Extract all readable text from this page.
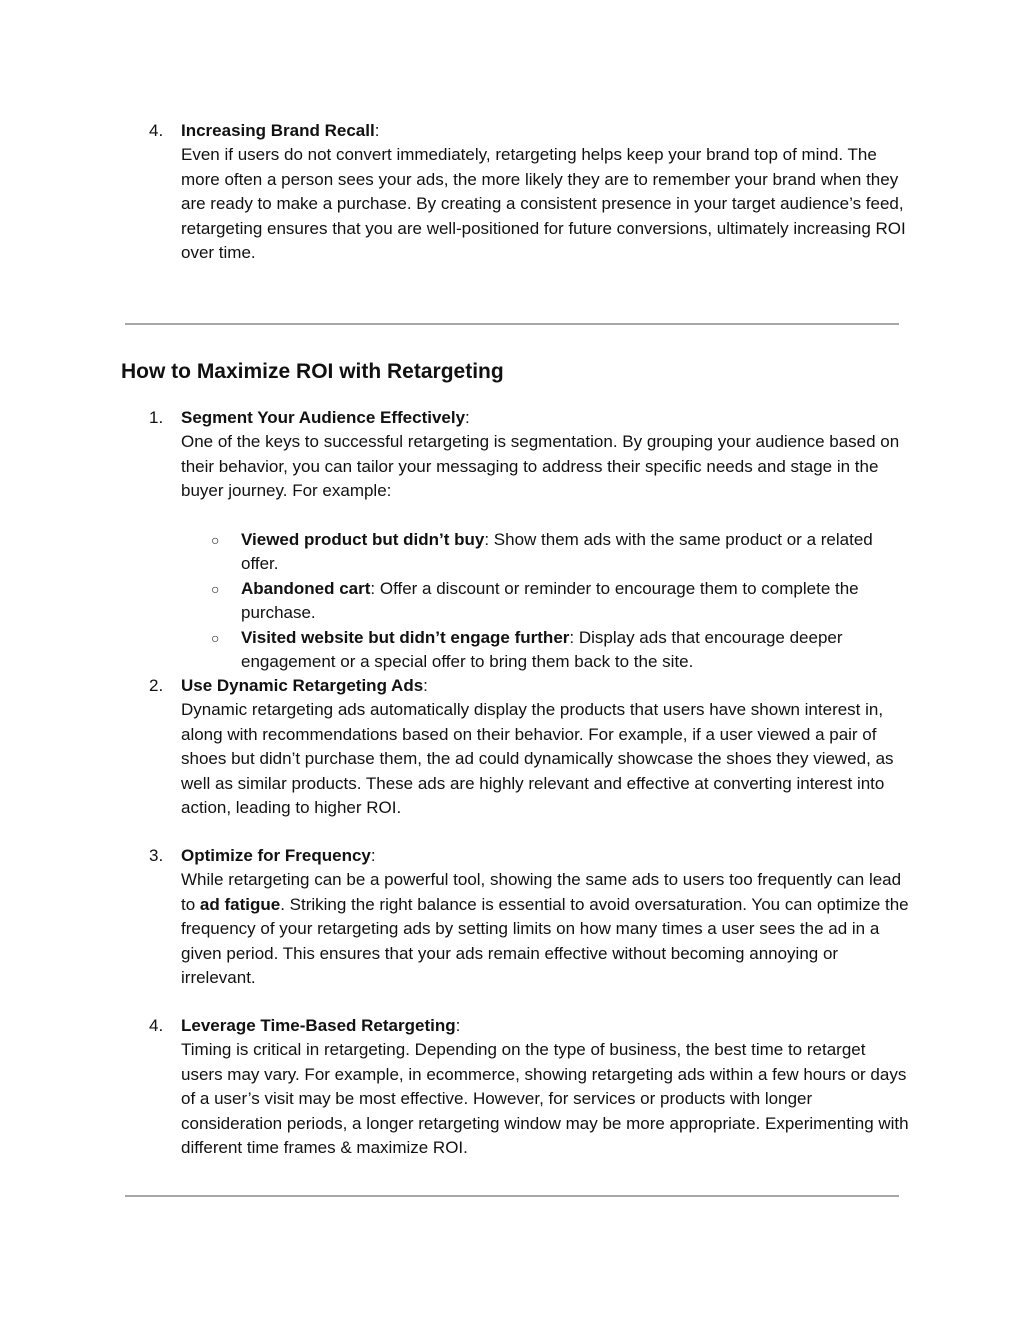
4.	Increasing Brand Recall:

Even if users do not convert immediately, retargeting helps keep your brand top of mind. The more often a person sees your ads, the more likely they are to remember your brand when they are ready to make a purchase. By creating a consistent presence in your target audience’s feed, retargeting ensures that you are well-positioned for future conversions, ultimately increasing ROI over time.

How to Maximize ROI with Retargeting
1.	Segment Your Audience Effectively:

One of the keys to successful retargeting is segmentation. By grouping your audience based on their behavior, you can tailor your messaging to address their specific needs and stage in the buyer journey. For example:

○ Viewed product but didn’t buy: Show them ads with the same product or a related offer.
○ Abandoned cart: Offer a discount or reminder to encourage them to complete the purchase.
○ Visited website but didn’t engage further: Display ads that encourage deeper engagement or a special offer to bring them back to the site.
2.	Use Dynamic Retargeting Ads:

Dynamic retargeting ads automatically display the products that users have shown interest in, along with recommendations based on their behavior. For example, if a user viewed a pair of shoes but didn’t purchase them, the ad could dynamically showcase the shoes they viewed, as well as similar products. These ads are highly relevant and effective at converting interest into action, leading to higher ROI.

3.	Optimize for Frequency:

While retargeting can be a powerful tool, showing the same ads to users too frequently can lead to ad fatigue. Striking the right balance is essential to avoid oversaturation. You can optimize the frequency of your retargeting ads by setting limits on how many times a user sees the ad in a given period. This ensures that your ads remain effective without becoming annoying or irrelevant.

4.	Leverage Time-Based Retargeting:

Timing is critical in retargeting. Depending on the type of business, the best time to retarget users may vary. For example, in ecommerce, showing retargeting ads within a few hours or days of a user’s visit may be most effective. However, for services or products with longer consideration periods, a longer retargeting window may be more appropriate. Experimenting with different time frames & maximize ROI.
